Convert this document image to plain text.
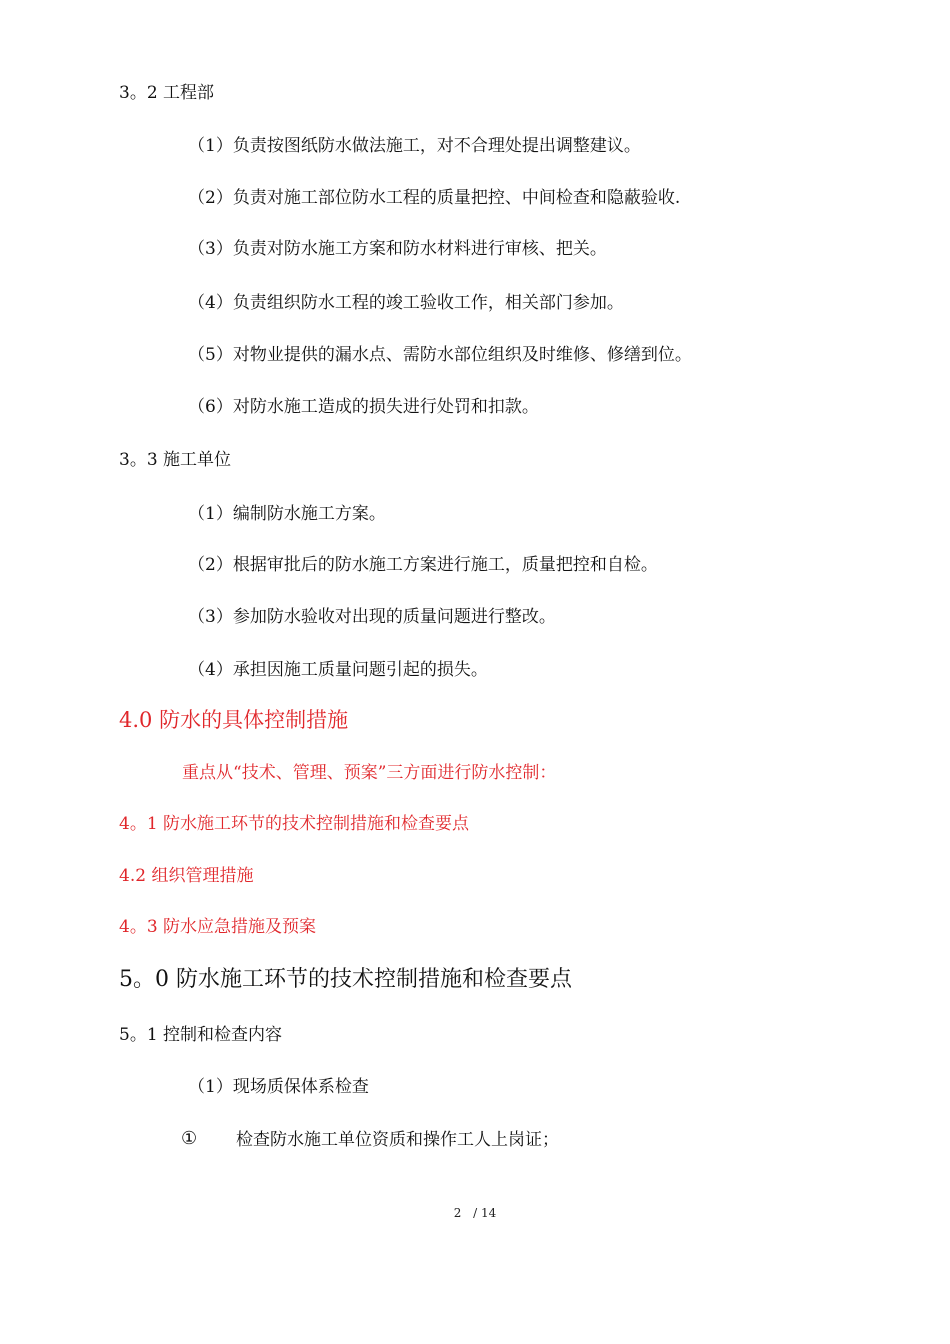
3。2 工程部
（1）负责按图纸防水做法施工，对不合理处提出调整建议。
（2）负责对施工部位防水工程的质量把控、中间检查和隐蔽验收.
（3）负责对防水施工方案和防水材料进行审核、把关。
（4）负责组织防水工程的竣工验收工作，相关部门参加。
（5）对物业提供的漏水点、需防水部位组织及时维修、修缮到位。
（6）对防水施工造成的损失进行处罚和扣款。
3。3 施工单位
（1）编制防水施工方案。
（2）根据审批后的防水施工方案进行施工，质量把控和自检。
（3）参加防水验收对出现的质量问题进行整改。
（4）承担因施工质量问题引起的损失。
4.0 防水的具体控制措施
重点从“技术、管理、预案”三方面进行防水控制：
4。1 防水施工环节的技术控制措施和检查要点
4.2 组织管理措施
4。3 防水应急措施及预案
5。0 防水施工环节的技术控制措施和检查要点
5。1 控制和检查内容
（1）现场质保体系检查
① 检查防水施工单位资质和操作工人上岗证；
2 / 14
